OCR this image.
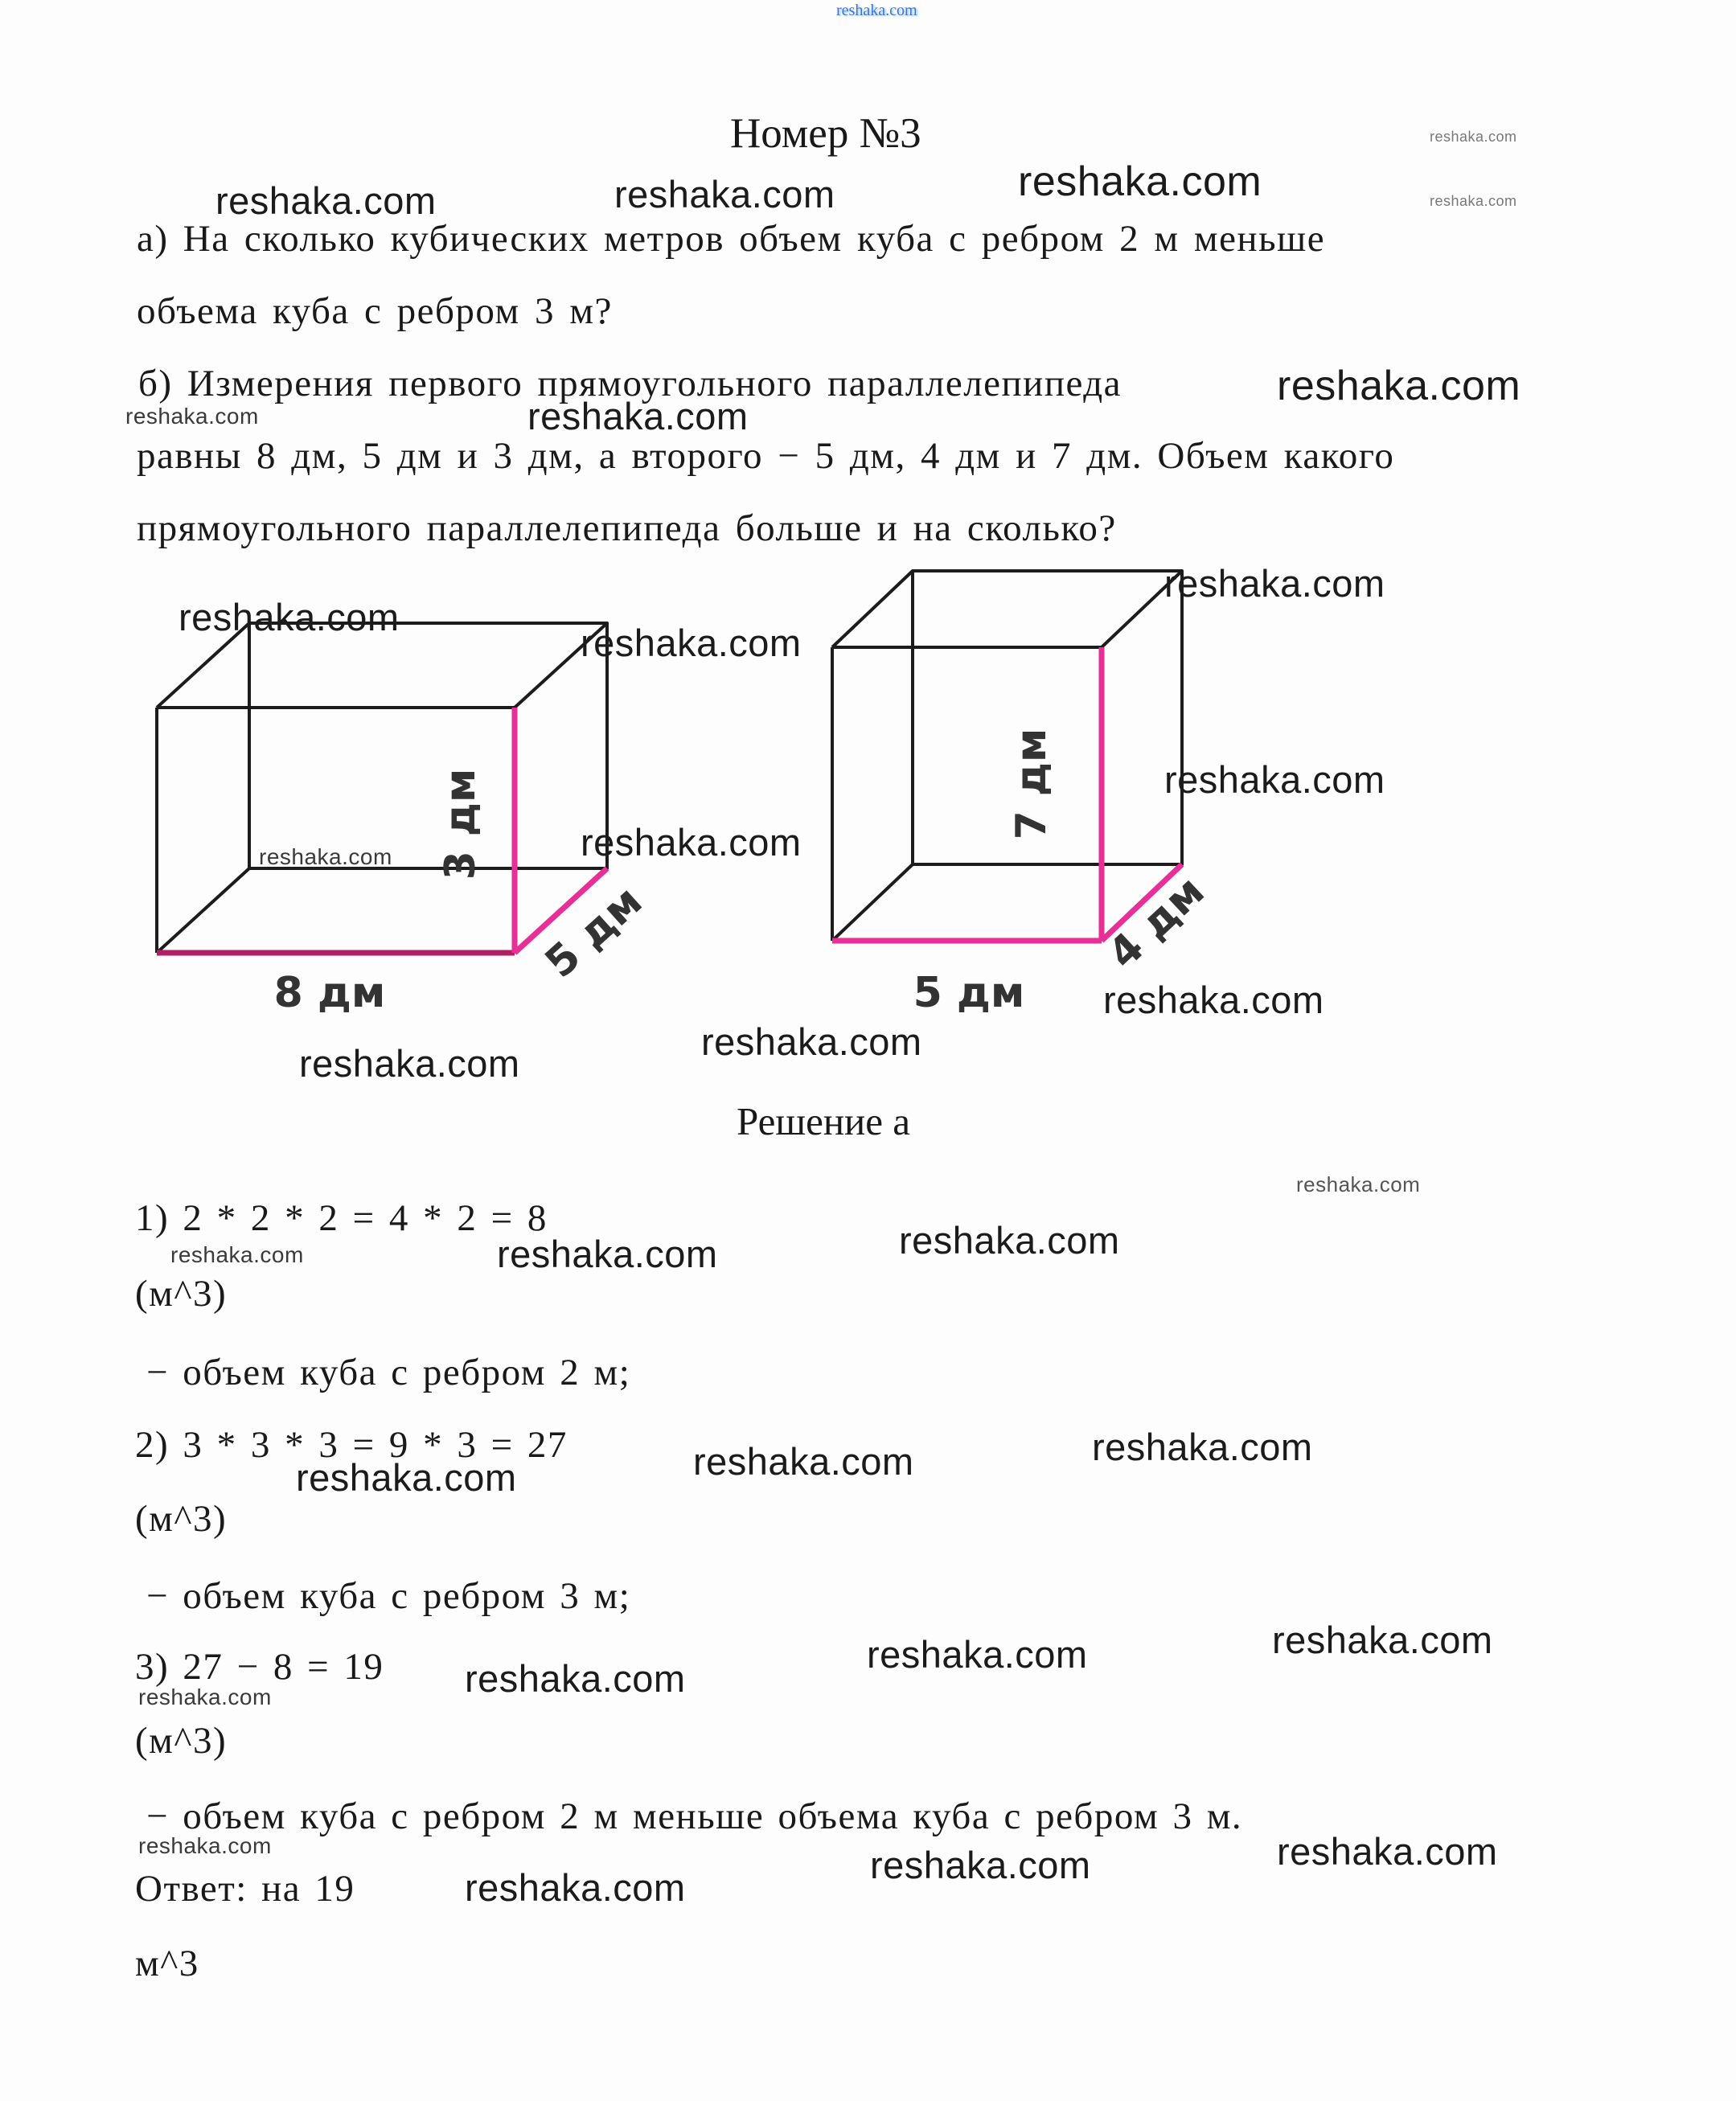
reshaka.com
reshaka.com
reshaka.com
reshaka.com	reshaka.com	reshaka.com
reshaka.com
reshaka.com	reshaka.com
reshaka.com
reshaka.com
reshaka.com
reshaka.com
reshaka.com
reshaka.com
reshaka.com
reshaka.com
reshaka.com
reshaka.com
reshaka.com
reshaka.com
reshaka.com
reshaka.com
reshaka.com
reshaka.com
reshaka.com
reshaka.com
reshaka.com
reshaka.com
reshaka.com	reshaka.com
reshaka.com
reshaka.com
Номер №3
а) На сколько кубических метров объем куба с ребром 2 м меньше
объема куба с ребром 3 м?
б) Измерения первого прямоугольного параллелепипеда
равны 8 дм, 5 дм и 3 дм, а второго − 5 дм, 4 дм и 7 дм. Объем какого
прямоугольного параллелепипеда больше и на сколько?
8 дм
5 дм
3 дм
5 дм
4 дм
7 дм
Решение а
1) 2 * 2 * 2 = 4 * 2 = 8
(м^3)
− объем куба с ребром 2 м;
2) 3 * 3 * 3 = 9 * 3 = 27
(м^3)
− объем куба с ребром 3 м;
3) 27 − 8 = 19
(м^3)
− объем куба с ребром 2 м меньше объема куба с ребром 3 м.
Ответ: на 19
м^3
